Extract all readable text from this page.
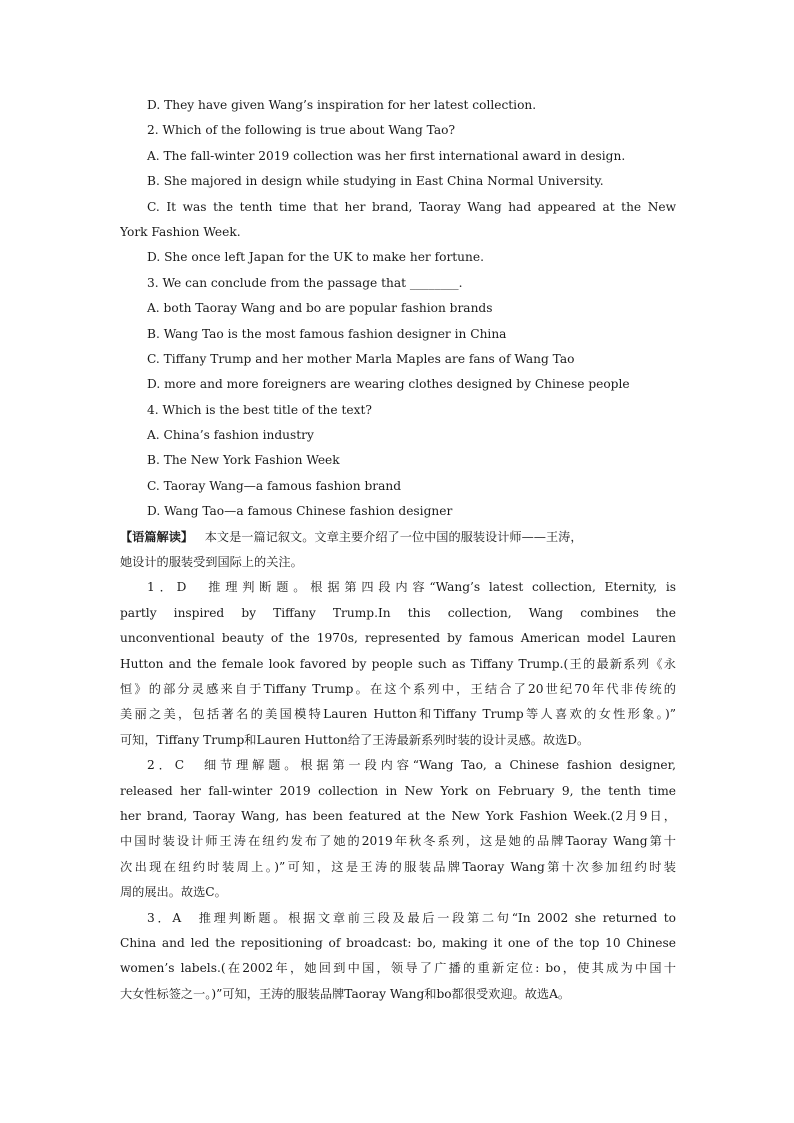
D. They have given Wang’s inspiration for her latest collection.
2. Which of the following is true about Wang Tao?
A. The fall-winter 2019 collection was her first international award in design.
B. She majored in design while studying in East China Normal University.
C. It was the tenth time that her brand, Taoray Wang had appeared at the New
York Fashion Week.
D. She once left Japan for the UK to make her fortune.
3. We can conclude from the passage that ________.
A. both Taoray Wang and bo are popular fashion brands
B. Wang Tao is the most famous fashion designer in China
C. Tiffany Trump and her mother Marla Maples are fans of Wang Tao
D. more and more foreigners are wearing clothes designed by Chinese people
4. Which is the best title of the text?
A. China’s fashion industry
B. The New York Fashion Week
C. Taoray Wang—a famous fashion brand
D. Wang Tao—a famous Chinese fashion designer
【语篇解读】 本文是一篇记叙文。文章主要介绍了一位中国的服装设计师——王涛，
她设计的服装受到国际上的关注。
1．D　推理判断题。根据第四段内容“Wang’s latest collection, Eternity, is
partly inspired by Tiffany Trump.In this collection, Wang combines the
unconventional beauty of the 1970s, represented by famous American model Lauren
Hutton and the female look favored by people such as Tiffany Trump.(王的最新系列《永
恒》的部分灵感来自于Tiffany Trump。在这个系列中，王结合了20世纪70年代非传统的
美丽之美，包括著名的美国模特Lauren Hutton和Tiffany Trump等人喜欢的女性形象。)”
可知，Tiffany Trump和Lauren Hutton给了王涛最新系列时装的设计灵感。故选D。
2．C　细节理解题。根据第一段内容“Wang Tao, a Chinese fashion designer,
released her fall-winter 2019 collection in New York on February 9, the tenth time
her brand, Taoray Wang, has been featured at the New York Fashion Week.(2月9日，
中国时装设计师王涛在纽约发布了她的2019年秋冬系列，这是她的品牌Taoray Wang第十
次出现在纽约时装周上。)”可知，这是王涛的服装品牌Taoray Wang第十次参加纽约时装
周的展出。故选C。
3．A　推理判断题。根据文章前三段及最后一段第二句“In 2002 she returned to
China and led the repositioning of broadcast: bo, making it one of the top 10 Chinese
women’s labels.(在2002年，她回到中国，领导了广播的重新定位: bo，使其成为中国十
大女性标签之一。)”可知，王涛的服装品牌Taoray Wang和bo都很受欢迎。故选A。
